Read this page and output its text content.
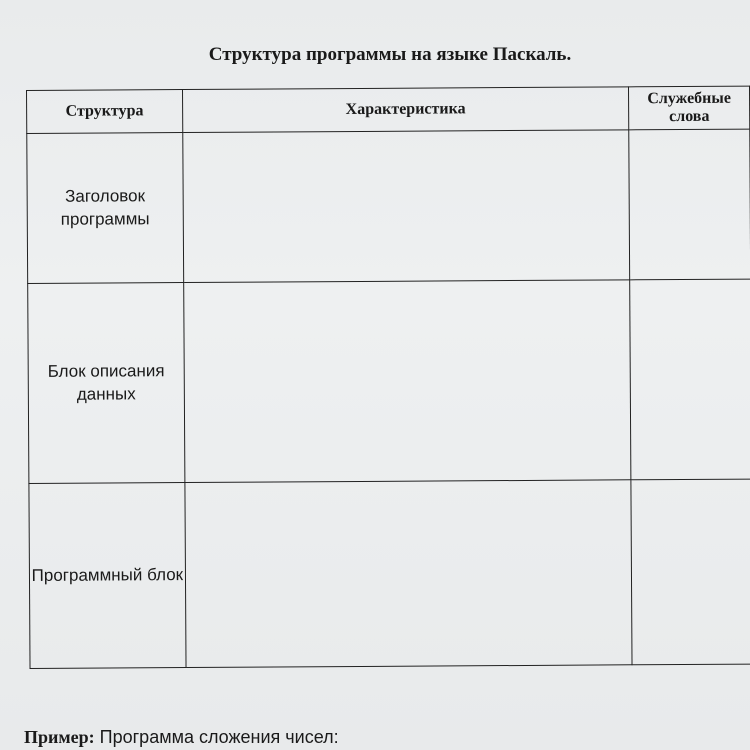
Структура программы на языке Паскаль.
Структура	Характеристика	Служебные слова
Заголовок программы		
Блок описания данных		
Программный блок		
Пример: Программа сложения чисел:
